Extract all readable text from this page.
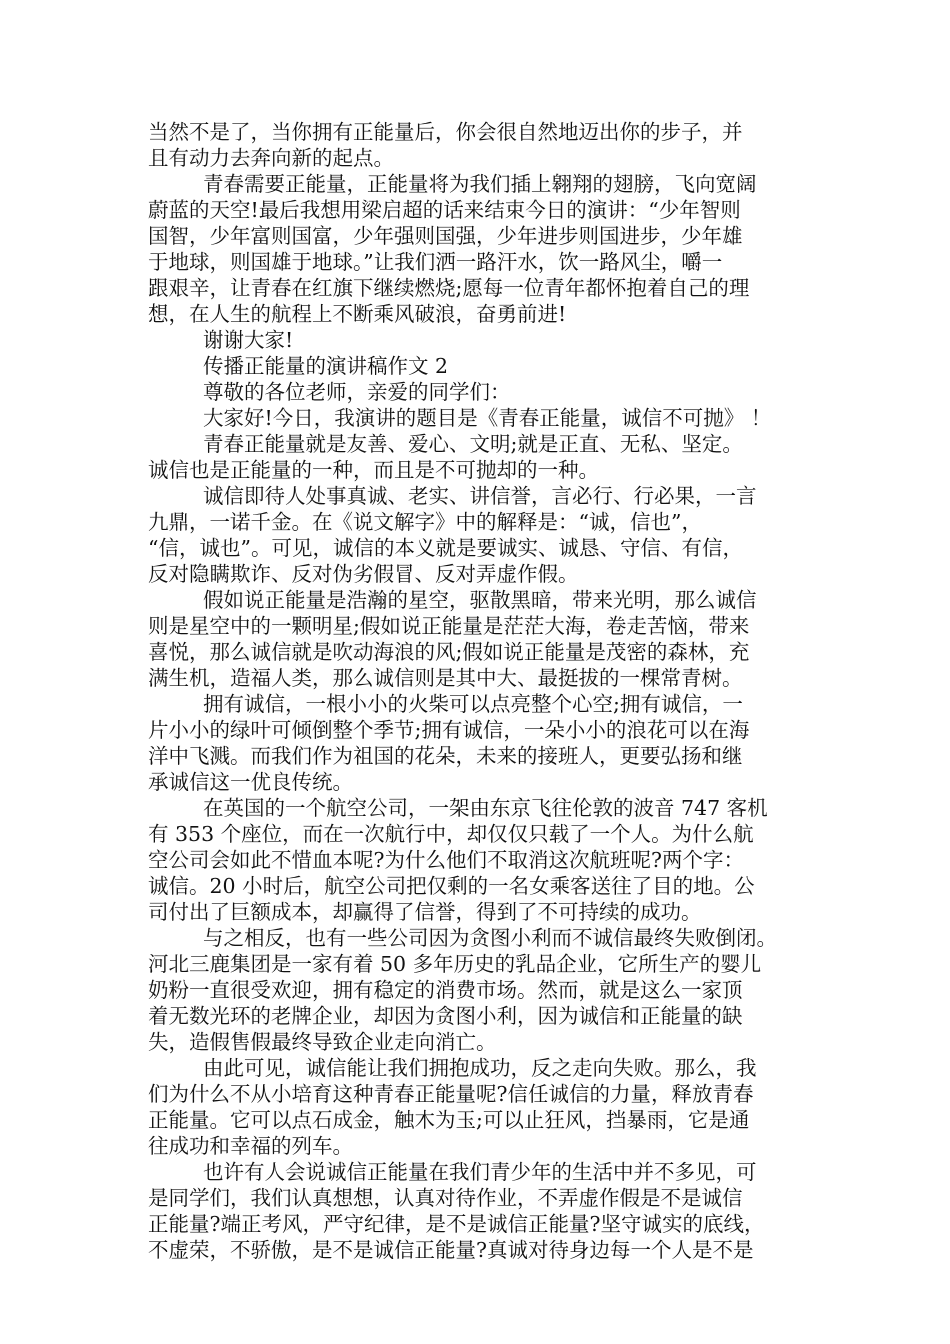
当然不是了，当你拥有正能量后，你会很自然地迈出你的步子，并
且有动力去奔向新的起点。
青春需要正能量，正能量将为我们插上翱翔的翅膀，飞向宽阔
蔚蓝的天空!最后我想用梁启超的话来结束今日的演讲：“少年智则
国智，少年富则国富，少年强则国强，少年进步则国进步，少年雄
于地球，则国雄于地球。”让我们洒一路汗水，饮一路风尘，嚼一
跟艰辛，让青春在红旗下继续燃烧;愿每一位青年都怀抱着自己的理
想，在人生的航程上不断乘风破浪，奋勇前进!
谢谢大家!
传播正能量的演讲稿作文 2
尊敬的各位老师，亲爱的同学们：
大家好!今日，我演讲的题目是《青春正能量，诚信不可抛》 ！
青春正能量就是友善、爱心、文明;就是正直、无私、坚定。
诚信也是正能量的一种，而且是不可抛却的一种。
诚信即待人处事真诚、老实、讲信誉，言必行、行必果，一言
九鼎，一诺千金。在《说文解字》中的解释是：“诚，信也”，
“信，诚也”。可见，诚信的本义就是要诚实、诚恳、守信、有信，
反对隐瞒欺诈、反对伪劣假冒、反对弄虚作假。
假如说正能量是浩瀚的星空，驱散黑暗，带来光明，那么诚信
则是星空中的一颗明星;假如说正能量是茫茫大海，卷走苦恼，带来
喜悦，那么诚信就是吹动海浪的风;假如说正能量是茂密的森林，充
满生机，造福人类，那么诚信则是其中大、最挺拔的一棵常青树。
拥有诚信，一根小小的火柴可以点亮整个心空;拥有诚信，一
片小小的绿叶可倾倒整个季节;拥有诚信，一朵小小的浪花可以在海
洋中飞溅。而我们作为祖国的花朵，未来的接班人，更要弘扬和继
承诚信这一优良传统。
在英国的一个航空公司，一架由东京飞往伦敦的波音 747 客机
有 353 个座位，而在一次航行中，却仅仅只载了一个人。为什么航
空公司会如此不惜血本呢?为什么他们不取消这次航班呢?两个字：
诚信。20 小时后，航空公司把仅剩的一名女乘客送往了目的地。公
司付出了巨额成本，却赢得了信誉，得到了不可持续的成功。
与之相反，也有一些公司因为贪图小利而不诚信最终失败倒闭。
河北三鹿集团是一家有着 50 多年历史的乳品企业，它所生产的婴儿
奶粉一直很受欢迎，拥有稳定的消费市场。然而，就是这么一家顶
着无数光环的老牌企业，却因为贪图小利，因为诚信和正能量的缺
失，造假售假最终导致企业走向消亡。
由此可见，诚信能让我们拥抱成功，反之走向失败。那么，我
们为什么不从小培育这种青春正能量呢?信任诚信的力量，释放青春
正能量。它可以点石成金，触木为玉;可以止狂风，挡暴雨，它是通
往成功和幸福的列车。
也许有人会说诚信正能量在我们青少年的生活中并不多见，可
是同学们，我们认真想想，认真对待作业，不弄虚作假是不是诚信
正能量?端正考风，严守纪律，是不是诚信正能量?坚守诚实的底线，
不虚荣，不骄傲，是不是诚信正能量?真诚对待身边每一个人是不是
